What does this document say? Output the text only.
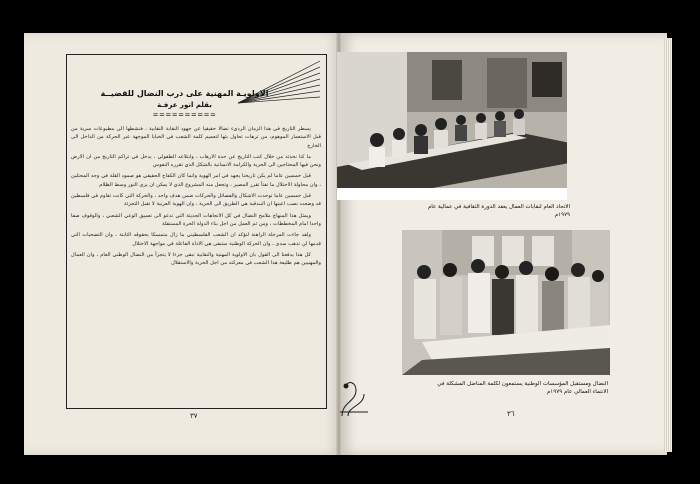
الاولويـة المهنية على درب النضال للقضيــة
بقلم انور عرفـة
==========

يسطر التاريخ في هذا الزمان الرديء نضالا حقيقيا عن جهود النقابة النقابية ، فنشطها الى مطبوعات سرية من قبل الاستعمار الموهوم، من ترهات تحاول بثها لتعميم كلمة الشعب في الخبايا الموجهة عبر الحركة من الداخل الى الخارج

ما كنا نحدثه من خلال كتب التاريخ عن حدة الارهاب ، وابتلاعه الطفولي ، يدخل في تراكم التاريخ من ان الارض ونحن فيها المحتاجين الى الحرية والكرامة الانسانية بالشكل الذي تقرره النفوس

قبل خمسين عاما لم يكن تاريخنا يجهد في امر الهوية وانما كان الكفاح الحقيقي هو صمود القلة في وجه المحتلين ، وان محاولة الاحتلال ما تفتأ تقرر المصير ، وتجعل منه المشروع الذي لا يمكن ان يرى النور وسط الظلام

قبل خمسين عاما توحدت الاشكال والفصائل والحركات ضمن هدف واحد ، والحركة التي كانت تقاوم في فلسطين قد وضعت نصب اعينها ان البندقية هي الطريق الى الحرية ، وان الهوية العربية لا تقبل التجزئة

ويمثل هذا المنهاج ملامح النضال في كل الاتجاهات الحديثة التي تدعو الى تعميق الوعي الشعبي ، والوقوف صفا واحدا امام المخططات ، ومن ثم العمل من اجل بناء الدولة الحرة المستقلة

ولقد جاءت المرحلة الراهنة لتؤكد ان الشعب الفلسطيني ما زال متمسكا بحقوقه الثابتة ، وان التضحيات التي قدمها لن تذهب سدى ، وان الحركة الوطنية ستبقى هي الاداة الفاعلة في مواجهة الاحتلال

كل هذا يدفعنا الى القول بان الاولوية المهنية والنقابية تبقى جزءا لا يتجزأ من النضال الوطني العام ، وان العمال والمهنيين هم طليعة هذا الشعب في معركته من اجل الحرية والاستقلال

٣٧
الاتحاد العام لنقابات العمال يعقد الدورة الثقافية في عمالية عام ١٩٧٩م
النضال ومستقبل المؤسسات الوطنية يستمعون لكلمة المناضل المشكلة في الانتماء العمالي عام ١٩٧٩م
٣٦
